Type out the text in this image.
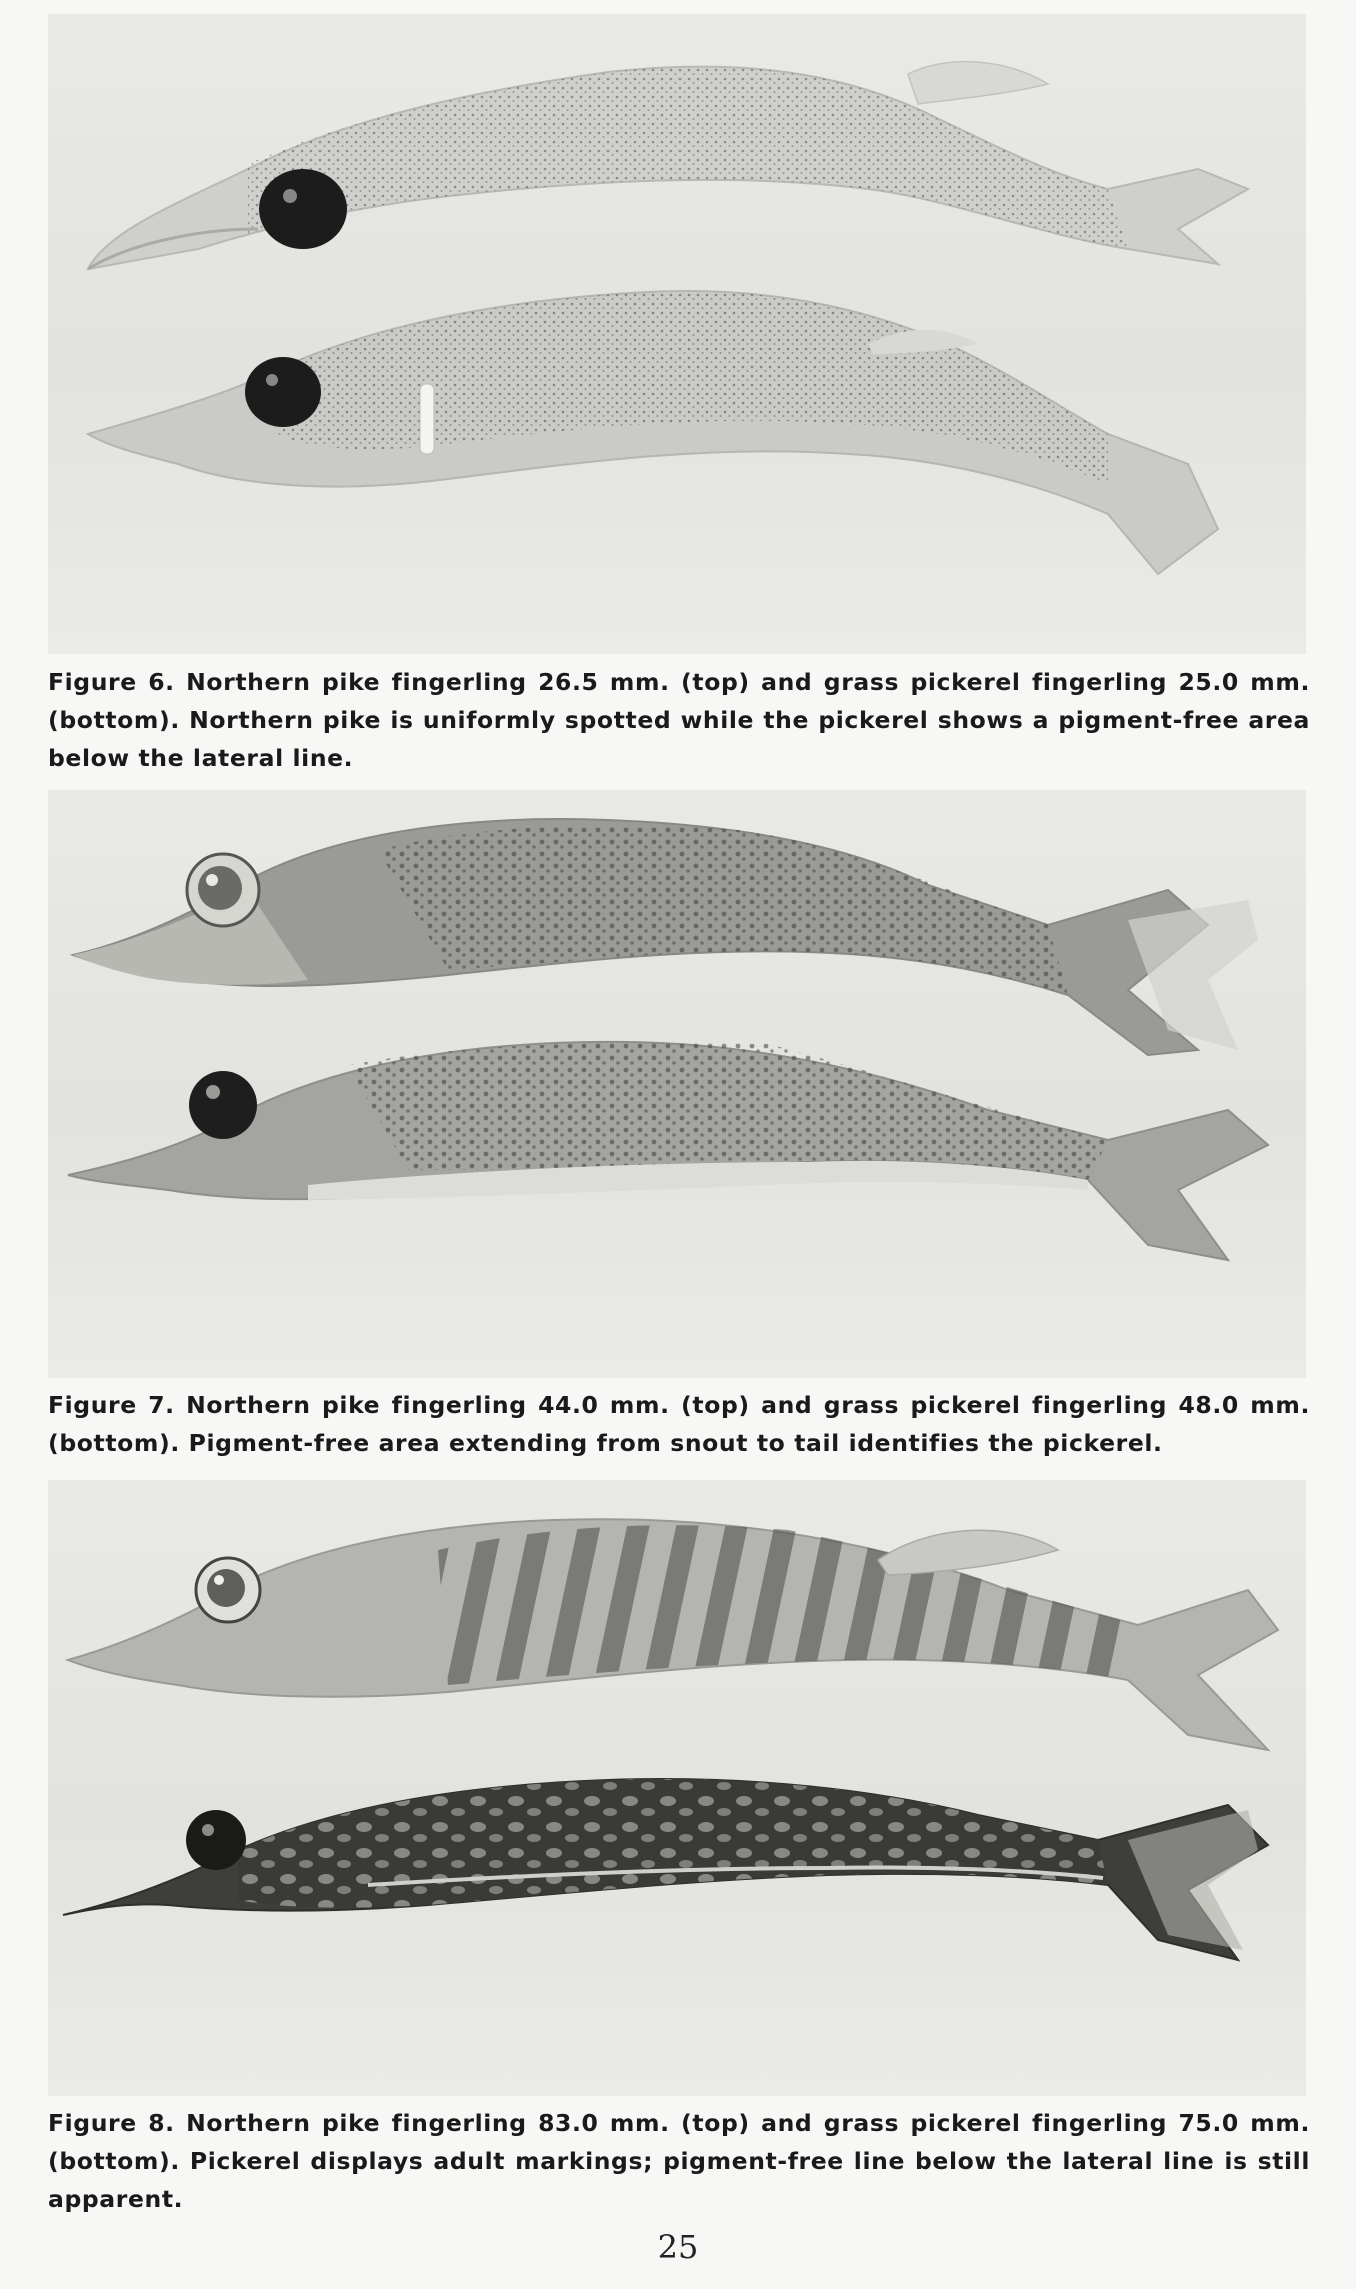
Figure 6. Northern pike fingerling 26.5 mm. (top) and grass pickerel fingerling 25.0 mm. (bottom). Northern pike is uniformly spotted while the pickerel shows a pigment-free area below the lateral line.
Figure 7. Northern pike fingerling 44.0 mm. (top) and grass pickerel fingerling 48.0 mm. (bottom). Pigment-free area extending from snout to tail identifies the pickerel.
Figure 8. Northern pike fingerling 83.0 mm. (top) and grass pickerel fingerling 75.0 mm. (bottom). Pickerel displays adult markings; pigment-free line below the lateral line is still apparent.
25
